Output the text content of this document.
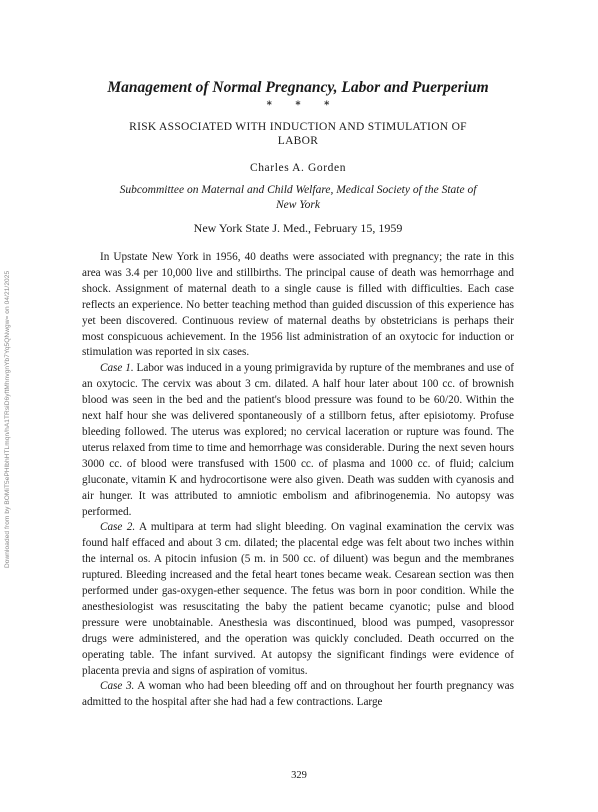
Downloaded from by BOMiT5ePHlbhHTLmqn/hA1TRsiD6yftMhnvgnYb7Yq5QNwgw= on 04/21/2025
Management of Normal Pregnancy, Labor and Puerperium
* * *
RISK ASSOCIATED WITH INDUCTION AND STIMULATION OF LABOR
Charles A. Gorden
Subcommittee on Maternal and Child Welfare, Medical Society of the State of New York
New York State J. Med., February 15, 1959

In Upstate New York in 1956, 40 deaths were associated with pregnancy; the rate in this area was 3.4 per 10,000 live and stillbirths. The principal cause of death was hemorrhage and shock. Assignment of maternal death to a single cause is filled with difficulties. Each case reflects an experience. No better teaching method than guided discussion of this experience has yet been discovered. Continuous review of maternal deaths by obstetricians is perhaps their most conspicuous achievement. In the 1956 list administration of an oxytocic for induction or stimulation was reported in six cases.

Case 1. Labor was induced in a young primigravida by rupture of the membranes and use of an oxytocic. The cervix was about 3 cm. dilated. A half hour later about 100 cc. of brownish blood was seen in the bed and the patient's blood pressure was found to be 60/20. Within the next half hour she was delivered spontaneously of a stillborn fetus, after episiotomy. Profuse bleeding followed. The uterus was explored; no cervical laceration or rupture was found. The uterus relaxed from time to time and hemorrhage was considerable. During the next seven hours 3000 cc. of blood were transfused with 1500 cc. of plasma and 1000 cc. of fluid; calcium gluconate, vitamin K and hydrocortisone were also given. Death was sudden with cyanosis and air hunger. It was attributed to amniotic embolism and afibrinogenemia. No autopsy was performed.

Case 2. A multipara at term had slight bleeding. On vaginal examination the cervix was found half effaced and about 3 cm. dilated; the placental edge was felt about two inches within the internal os. A pitocin infusion (5 m. in 500 cc. of diluent) was begun and the membranes ruptured. Bleeding increased and the fetal heart tones became weak. Cesarean section was then performed under gas-oxygen-ether sequence. The fetus was born in poor condition. While the anesthesiologist was resuscitating the baby the patient became cyanotic; pulse and blood pressure were unobtainable. Anesthesia was discontinued, blood was pumped, vasopressor drugs were administered, and the operation was quickly concluded. Death occurred on the operating table. The infant survived. At autopsy the significant findings were evidence of placenta previa and signs of aspiration of vomitus.

Case 3. A woman who had been bleeding off and on throughout her fourth pregnancy was admitted to the hospital after she had had a few contractions. Large

329
